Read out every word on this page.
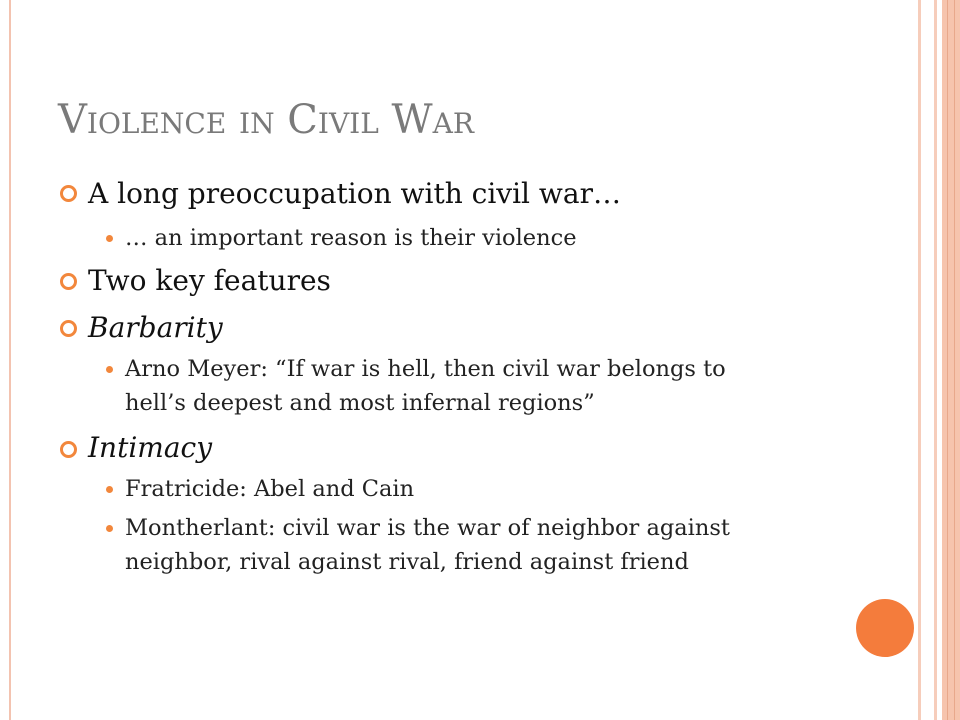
Violence in Civil War
A long preoccupation with civil war…
… an important reason is their violence
Two key features
Barbarity
Arno Meyer: “If war is hell, then civil war belongs to
hell’s deepest and most infernal regions”
Intimacy
Fratricide: Abel and Cain
Montherlant: civil war is the war of neighbor against
neighbor, rival against rival, friend against friend
